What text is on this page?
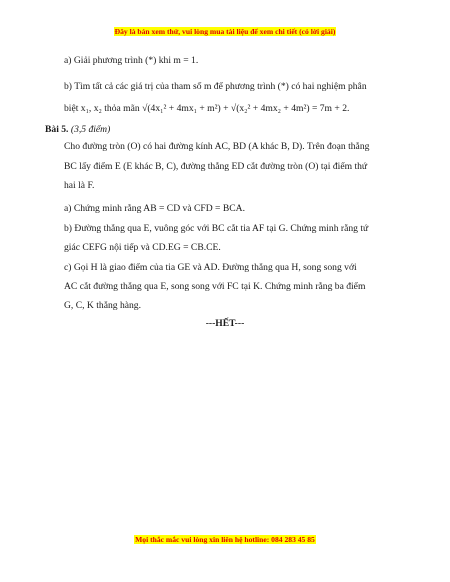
Đây là bản xem thử, vui lòng mua tài liệu để xem chi tiết (có lời giải)
a) Giải phương trình (*) khi m = 1.
b) Tìm tất cả các giá trị của tham số m để phương trình (*) có hai nghiệm phân
biệt x₁, x₂ thỏa mãn √(4x₁² + 4mx₁ + m²) + √(x₂² + 4mx₂ + 4m²) = 7m + 2.
Bài 5. (3,5 điểm)
Cho đường tròn (O) có hai đường kính AC, BD (A khác B, D). Trên đoạn thẳng
BC lấy điểm E (E khác B, C), đường thẳng ED cắt đường tròn (O) tại điểm thứ
hai là F.
a) Chứng minh rằng AB = CD và CFD = BCA.
b) Đường thẳng qua E, vuông góc với BC cắt tia AF tại G. Chứng minh rằng tứ
giác CEFG nội tiếp và CD.EG = CB.CE.
c) Gọi H là giao điểm của tia GE và AD. Đường thẳng qua H, song song với
AC cắt đường thẳng qua E, song song với FC tại K. Chứng minh rằng ba điểm
G, C, K thẳng hàng.
---HẾT---
Mọi thắc mắc vui lòng xin liên hệ hotline: 084 283 45 85
